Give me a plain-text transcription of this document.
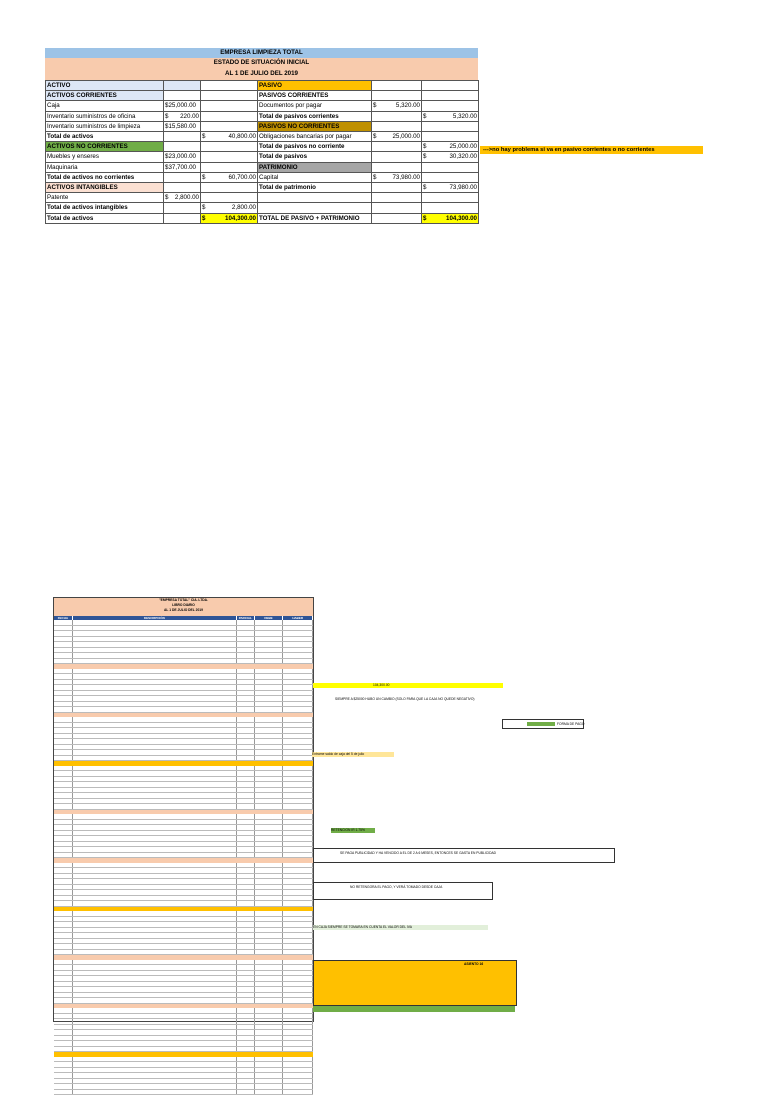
EMPRESA LIMPIEZA TOTAL
ESTADO DE SITUACIÓN INICIAL
AL 1 DE JULIO DEL 2019
ACTIVO			PASIVO		
ACTIVOS CORRIENTES			PASIVOS CORRIENTES		
Caja	$25,000.00		Documentos por pagar	$ 5,320.00	

Inventario suministros de oficina	$ 220.00		Total de pasivos corrientes		$ 5,320.00

Inventario suministros de limpieza	$15,580.00		PASIVOS NO CORRIENTES		
Total de activos		$ 40,800.00	Obligaciones bancarias por pagar	$ 25,000.00	

ACTIVOS NO CORRIENTES			Total de pasivos no corriente		$ 25,000.00

Muebles y enseres	$23,000.00		Total de pasivos		$ 30,320.00

Maquinaria	$37,700.00		PATRIMONIO		
Total de activos no corrientes		$ 60,700.00	Capital	$ 73,980.00	

ACTIVOS INTANGIBLES			Total de patrimonio		$ 73,980.00

Patente	$ 2,800.00				

Total de activos intangibles		$ 2,800.00			

Total de activos		$ 104,300.00	TOTAL DE PASIVO + PATRIMONIO		$ 104,300.00
--->no hay problema si va en pasivo corrientes o no corrientes
"EMPRESA TOTAL" CIA. LTDA.
LIBRO DIARIO
AL 1 DE JULIO DEL 2019
FECHA	DESCRIPCIÓN	PARCIAL	DEBE	HABER
104,300.00
SIEMPRE A $25000 HUBO UN CAMBIO (SOLO PARA QUE LA CAJA NO QUEDE NEGATIVO)
FORMA DE PAGO
Entrame saldo de caja del 5 de julio
RETENCION IR 1.75%
SE PAGA PUBLICIDAD Y HA VENCIDO A EL DE 2 A 6 MESES, ENTONCES SE GASTA EN PUBLICIDAD
NO RETENGORA EL PAGO, Y VERÁ TOMADO DESDE CAJA
EN CAJA SIEMPRE SE TOMARA EN CUENTA EL VALOR DEL IVA
ASIENTO 16
